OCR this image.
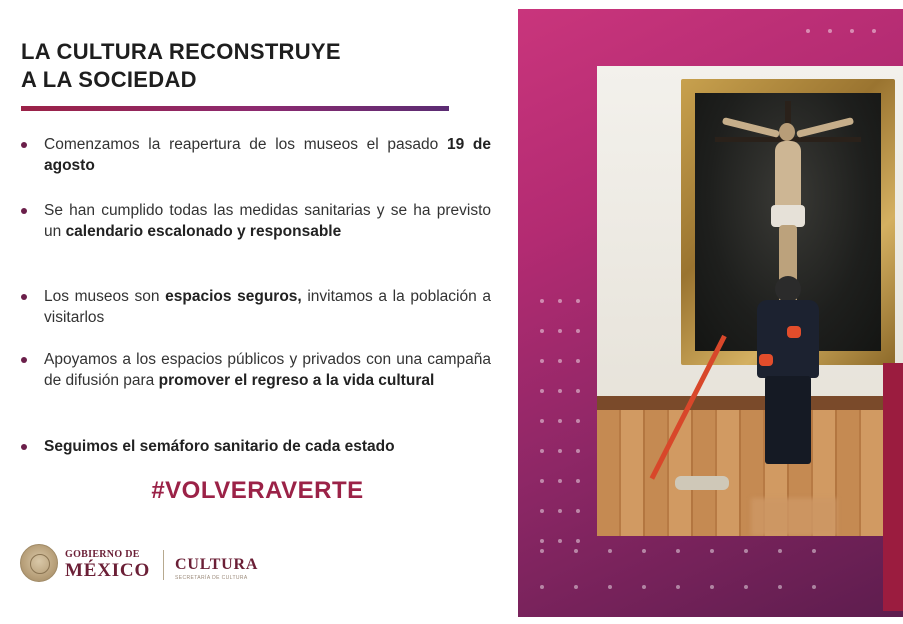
LA CULTURA RECONSTRUYE
A LA SOCIEDAD
Comenzamos la reapertura de los museos el pasado 19 de agosto
Se han cumplido todas las medidas sanitarias y se ha previsto un calendario escalonado y responsable
Los museos son espacios seguros, invitamos a la población a visitarlos
Apoyamos a los espacios públicos y privados con una campaña de difusión para promover el regreso a la vida cultural
Seguimos el semáforo sanitario de cada estado
#VOLVERAVERTE
GOBIERNO DE
MÉXICO CULTURA
SECRETARÍA DE CULTURA
